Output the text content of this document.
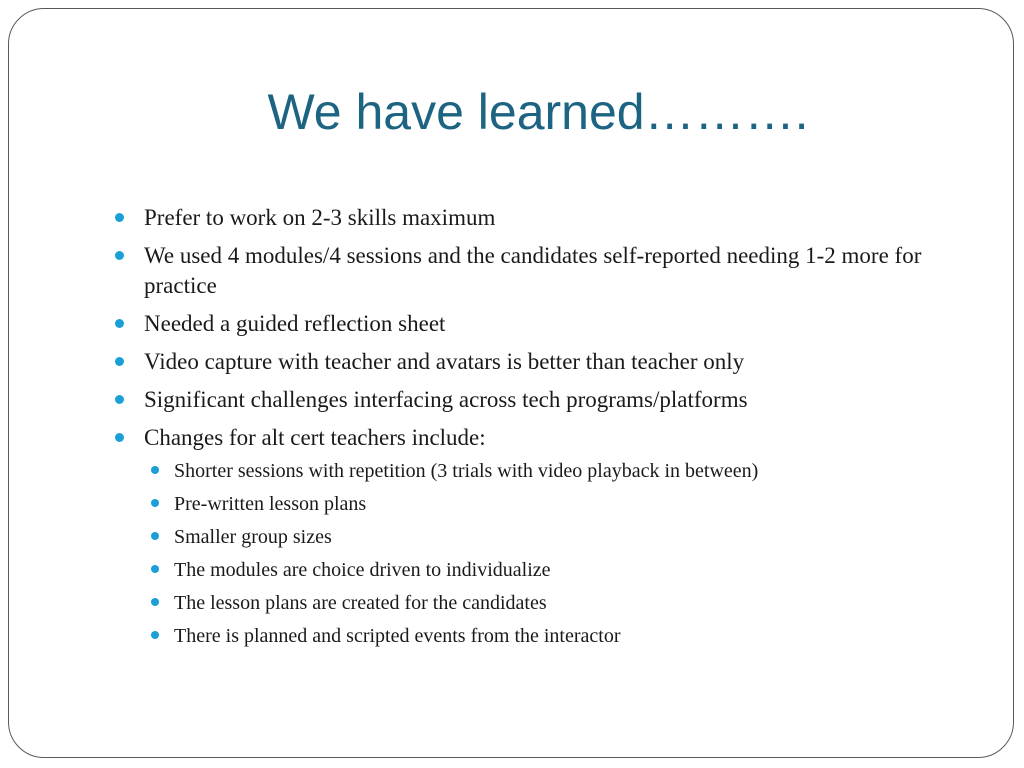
We have learned……….
Prefer to work on 2-3 skills maximum
We used 4 modules/4 sessions and the candidates self-reported needing 1-2 more for practice
Needed a guided reflection sheet
Video capture with teacher and avatars is better than teacher only
Significant challenges interfacing across tech programs/platforms
Changes for alt cert teachers include:
Shorter sessions with repetition (3 trials with video playback in between)
Pre-written lesson plans
Smaller group sizes
The modules are choice driven to individualize
The lesson plans are created for the candidates
There is planned and scripted events from the interactor
